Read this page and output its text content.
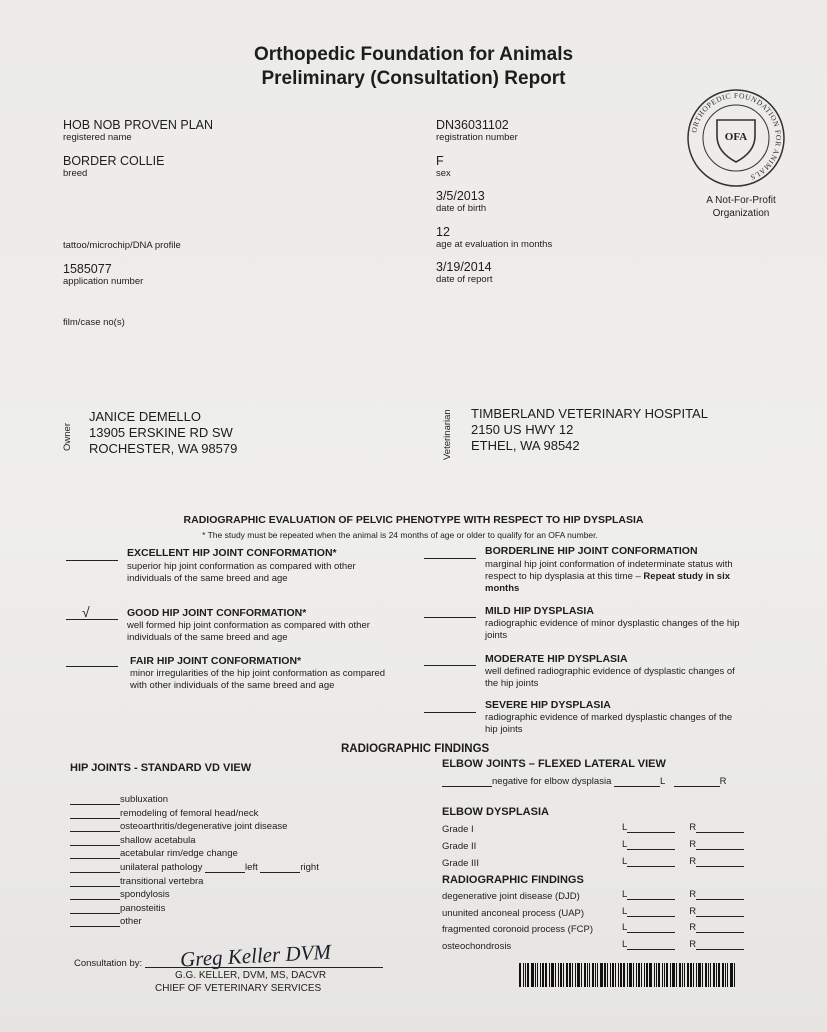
Orthopedic Foundation for Animals
Preliminary (Consultation) Report
HOB NOB PROVEN PLAN
registered name
BORDER COLLIE
breed
tattoo/microchip/DNA profile
1585077
application number
film/case no(s)
DN36031102
registration number
F
sex
3/5/2013
date of birth
12
age at evaluation in months
3/19/2014
date of report
ORTHOPEDIC FOUNDATION FOR ANIMALS
OFA
A Not-For-Profit
Organization
Owner
JANICE DEMELLO
13905 ERSKINE RD SW
ROCHESTER, WA 98579	Veterinarian TIMBERLAND VETERINARY HOSPITAL
2150 US HWY 12
ETHEL, WA 98542
RADIOGRAPHIC EVALUATION OF PELVIC PHENOTYPE WITH RESPECT TO HIP DYSPLASIA
* The study must be repeated when the animal is 24 months of age or older to qualify for an OFA number.
EXCELLENT HIP JOINT CONFORMATION*
superior hip joint conformation as compared with other
individuals of the same breed and age
√	GOOD HIP JOINT CONFORMATION*
well formed hip joint conformation as compared with other
individuals of the same breed and age
FAIR HIP JOINT CONFORMATION*
minor irregularities of the hip joint conformation as compared
with other individuals of the same breed and age
BORDERLINE HIP JOINT CONFORMATION
marginal hip joint conformation of indeterminate status with
respect to hip dysplasia at this time – Repeat study in six
months
MILD HIP DYSPLASIA
radiographic evidence of minor dysplastic changes of the hip
joints
MODERATE HIP DYSPLASIA
well defined radiographic evidence of dysplastic changes of
the hip joints
SEVERE HIP DYSPLASIA
radiographic evidence of marked dysplastic changes of the
hip joints
RADIOGRAPHIC FINDINGS
HIP JOINTS - STANDARD VD VIEW
subluxation
remodeling of femoral head/neck
osteoarthritis/degenerative joint disease
shallow acetabula
acetabular rim/edge change
unilateral pathology	left	right
transitional vertebra
spondylosis
panosteitis
other
ELBOW JOINTS – FLEXED LATERAL VIEW
negative for elbow dysplasia	L	R
ELBOW DYSPLASIA
Grade I	L	R
Grade II	L	R
Grade III	L	R
RADIOGRAPHIC FINDINGS
degenerative joint disease (DJD)	L	R
ununited anconeal process (UAP)	L	R
fragmented coronoid process (FCP)	L	R
osteochondrosis	L	R
Consultation by: Greg Keller DVM
G.G. KELLER, DVM, MS, DACVR
CHIEF OF VETERINARY SERVICES
